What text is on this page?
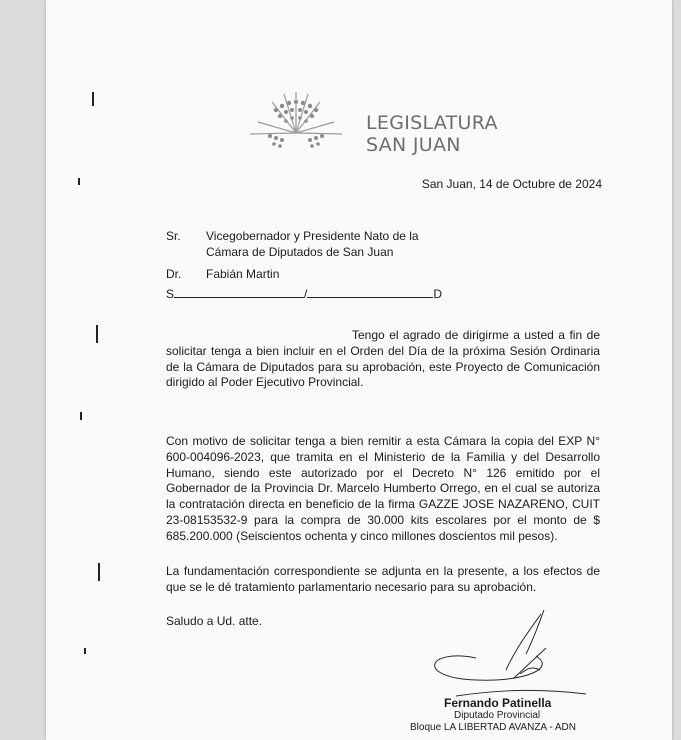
LEGISLATURA
SAN JUAN
San Juan, 14 de Octubre de 2024
Sr. Vicegobernador y Presidente Nato de la
Cámara de Diputados de San Juan
Dr. Fabián Martin
S	/	D
Tengo el agrado de dirigirme a usted a fin de solicitar tenga a bien incluir en el Orden del Día de la próxima Sesión Ordinaria de la Cámara de Diputados para su aprobación, este Proyecto de Comunicación dirigido al Poder Ejecutivo Provincial.
Con motivo de solicitar tenga a bien remitir a esta Cámara la copia del EXP N° 600-004096-2023, que tramita en el Ministerio de la Familia y del Desarrollo Humano, siendo este autorizado por el Decreto N° 126 emitido por el Gobernador de la Provincia Dr. Marcelo Humberto Orrego, en el cual se autoriza la contratación directa en beneficio de la firma GAZZE JOSE NAZARENO, CUIT 23-08153532-9 para la compra de 30.000 kits escolares por el monto de $ 685.200.000 (Seiscientos ochenta y cinco millones doscientos mil pesos).
La fundamentación correspondiente se adjunta en la presente, a los efectos de que se le dé tratamiento parlamentario necesario para su aprobación.
Saludo a Ud. atte.
Fernando Patinella
Diputado Provincial
Bloque LA LIBERTAD AVANZA - ADN
